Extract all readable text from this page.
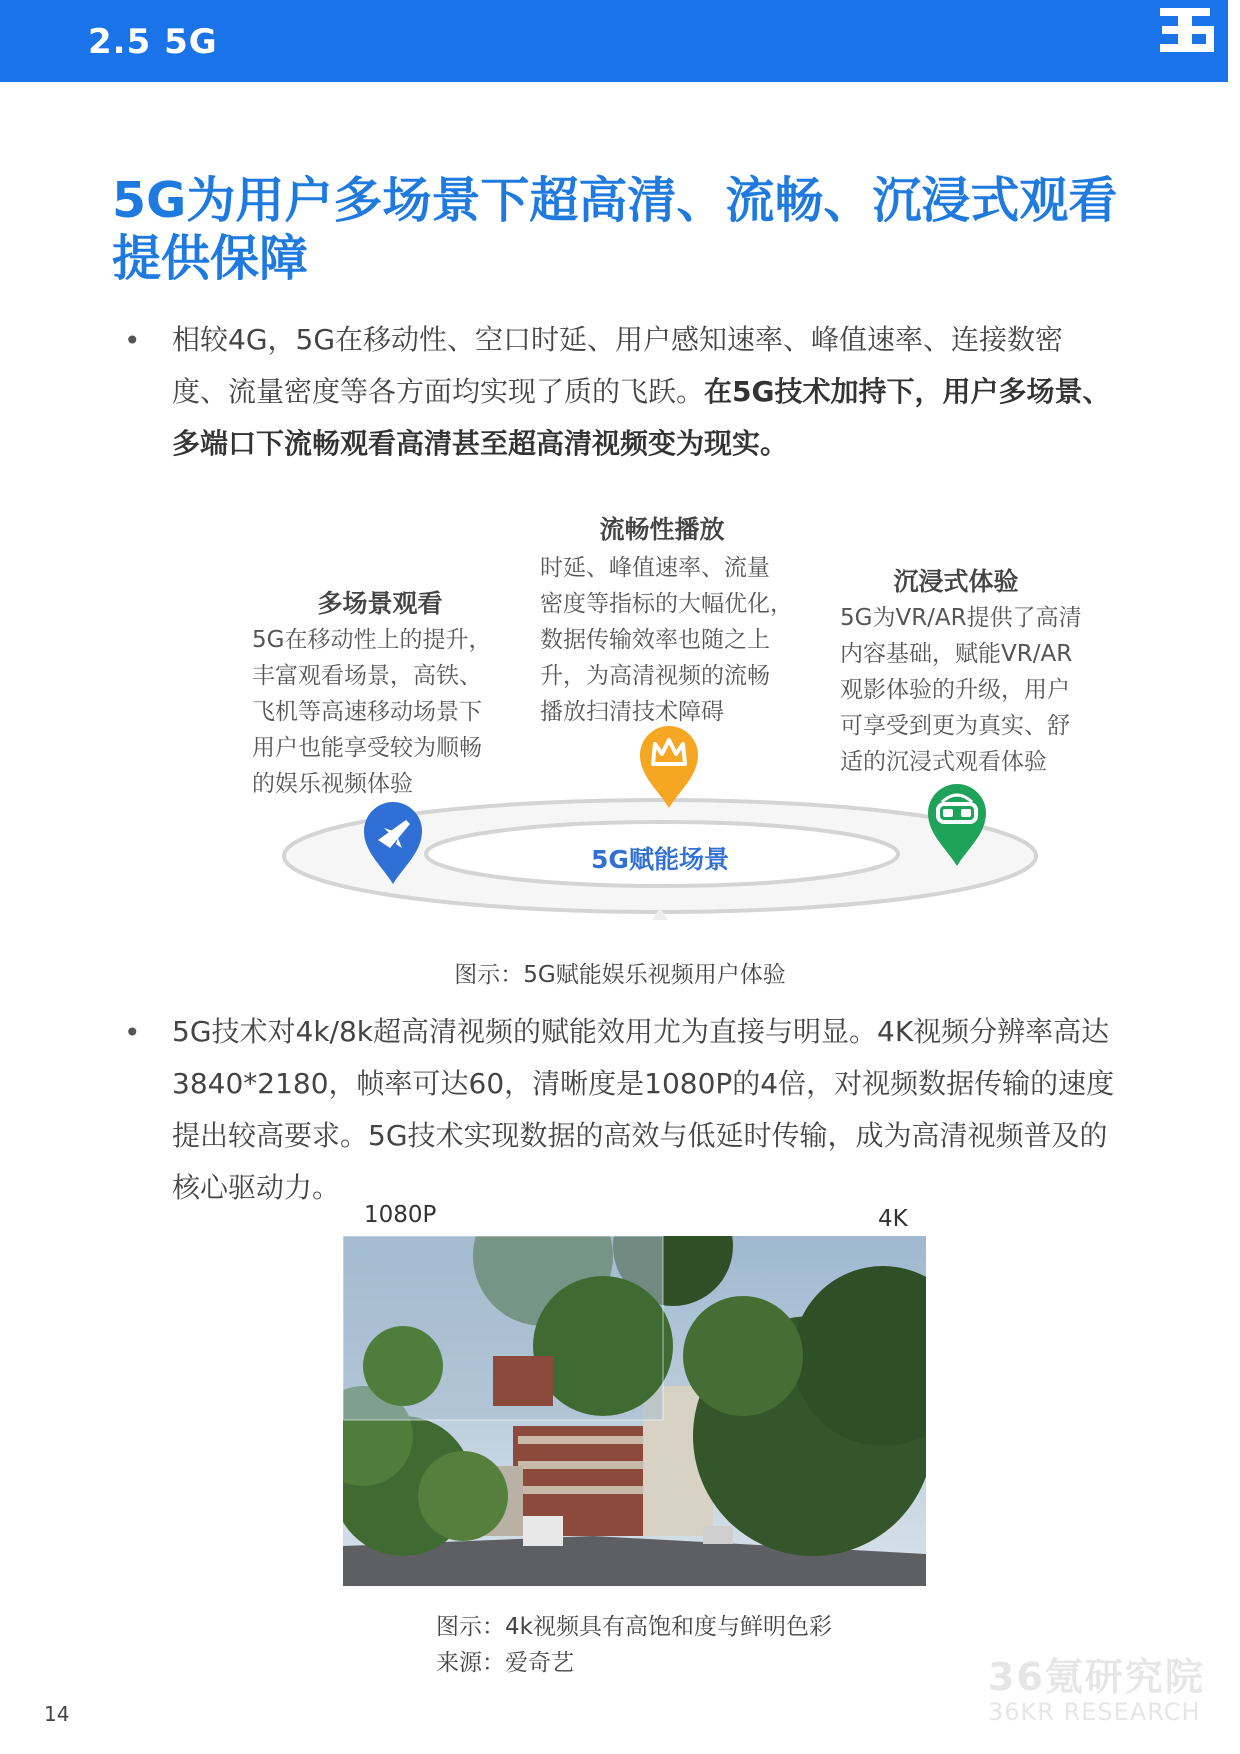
2.5 5G
5G为用户多场景下超高清、流畅、沉浸式观看提供保障
• 相较4G，5G在移动性、空口时延、用户感知速率、峰值速率、连接数密
度、流量密度等各方面均实现了质的飞跃。在5G技术加持下，用户多场景、
多端口下流畅观看高清甚至超高清视频变为现实。
5G赋能场景
多场景观看
5G在移动性上的提升，
丰富观看场景，高铁、
飞机等高速移动场景下
用户也能享受较为顺畅
的娱乐视频体验
流畅性播放
时延、峰值速率、流量
密度等指标的大幅优化，
数据传输效率也随之上
升，为高清视频的流畅
播放扫清技术障碍
沉浸式体验
5G为VR/AR提供了高清
内容基础，赋能VR/AR
观影体验的升级，用户
可享受到更为真实、舒
适的沉浸式观看体验
图示：5G赋能娱乐视频用户体验
• 5G技术对4k/8k超高清视频的赋能效用尤为直接与明显。4K视频分辨率高达
3840*2180，帧率可达60，清晰度是1080P的4倍，对视频数据传输的速度
提出较高要求。5G技术实现数据的高效与低延时传输，成为高清视频普及的
核心驱动力。
1080P	4K
图示：4k视频具有高饱和度与鲜明色彩
来源：爱奇艺
14
36氪研究院
36KR RESEARCH
